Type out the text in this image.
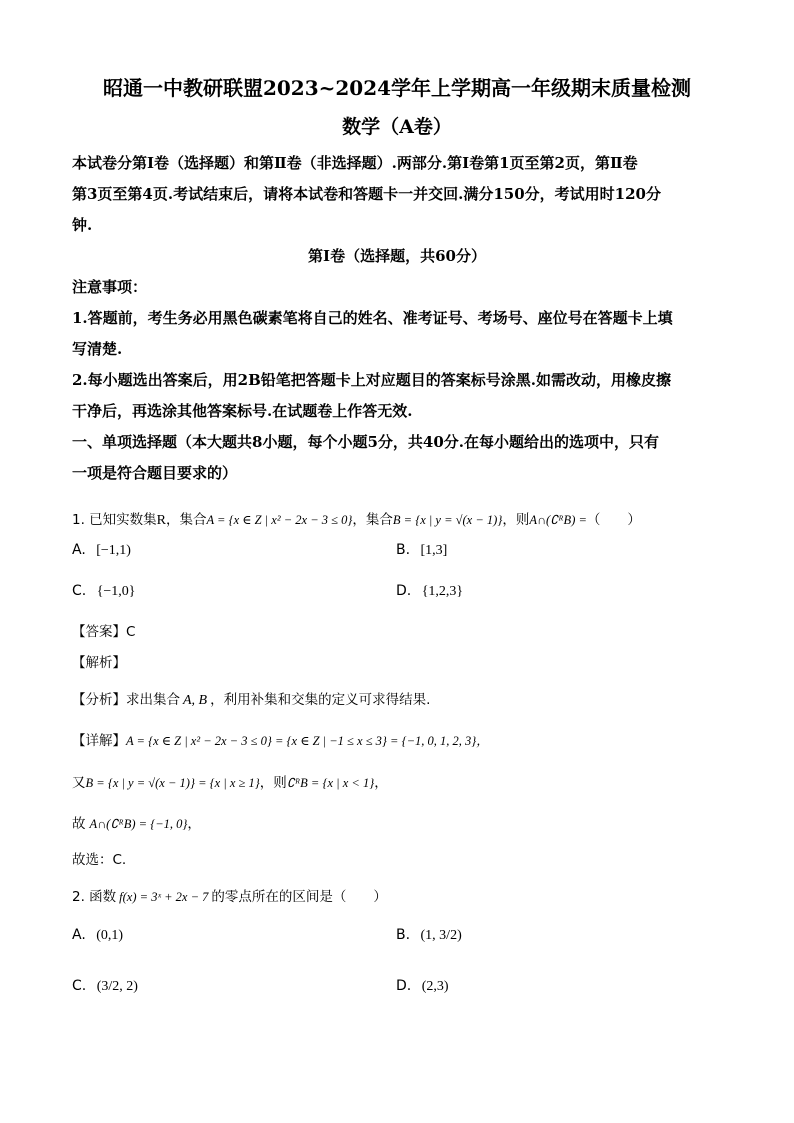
昭通一中教研联盟2023~2024学年上学期高一年级期末质量检测
数学（A卷）
本试卷分第Ⅰ卷（选择题）和第Ⅱ卷（非选择题）.两部分.第Ⅰ卷第1页至第2页，第Ⅱ卷
第3页至第4页.考试结束后，请将本试卷和答题卡一并交回.满分150分，考试用时120分
钟.
第Ⅰ卷（选择题，共60分）
注意事项：
1.答题前，考生务必用黑色碳素笔将自己的姓名、准考证号、考场号、座位号在答题卡上填
写清楚.
2.每小题选出答案后，用2B铅笔把答题卡上对应题目的答案标号涂黑.如需改动，用橡皮擦
干净后，再选涂其他答案标号.在试题卷上作答无效.
一、单项选择题（本大题共8小题，每个小题5分，共40分.在每小题给出的选项中，只有
一项是符合题目要求的）
1. 已知实数集R，集合A = {x ∈ Z | x² − 2x − 3 ≤ 0}，集合B = {x | y = √(x − 1)}，则A∩(∁ᴿB) =（　　）
A. [−1,1)	B. [1,3]
C. {−1,0}	D. {1,2,3}
【答案】C
【解析】
【分析】求出集合 A, B ，利用补集和交集的定义可求得结果.
【详解】A = {x ∈ Z | x² − 2x − 3 ≤ 0} = {x ∈ Z | −1 ≤ x ≤ 3} = {−1, 0, 1, 2, 3}，
又B = {x | y = √(x − 1)} = {x | x ≥ 1}，则∁ᴿB = {x | x < 1}，
故 A∩(∁ᴿB) = {−1, 0}，
故选：C.
2. 函数 f(x) = 3ˣ + 2x − 7 的零点所在的区间是（　　）
A. (0,1)	B. (1, 3/2)
C. (3/2, 2)	D. (2,3)
